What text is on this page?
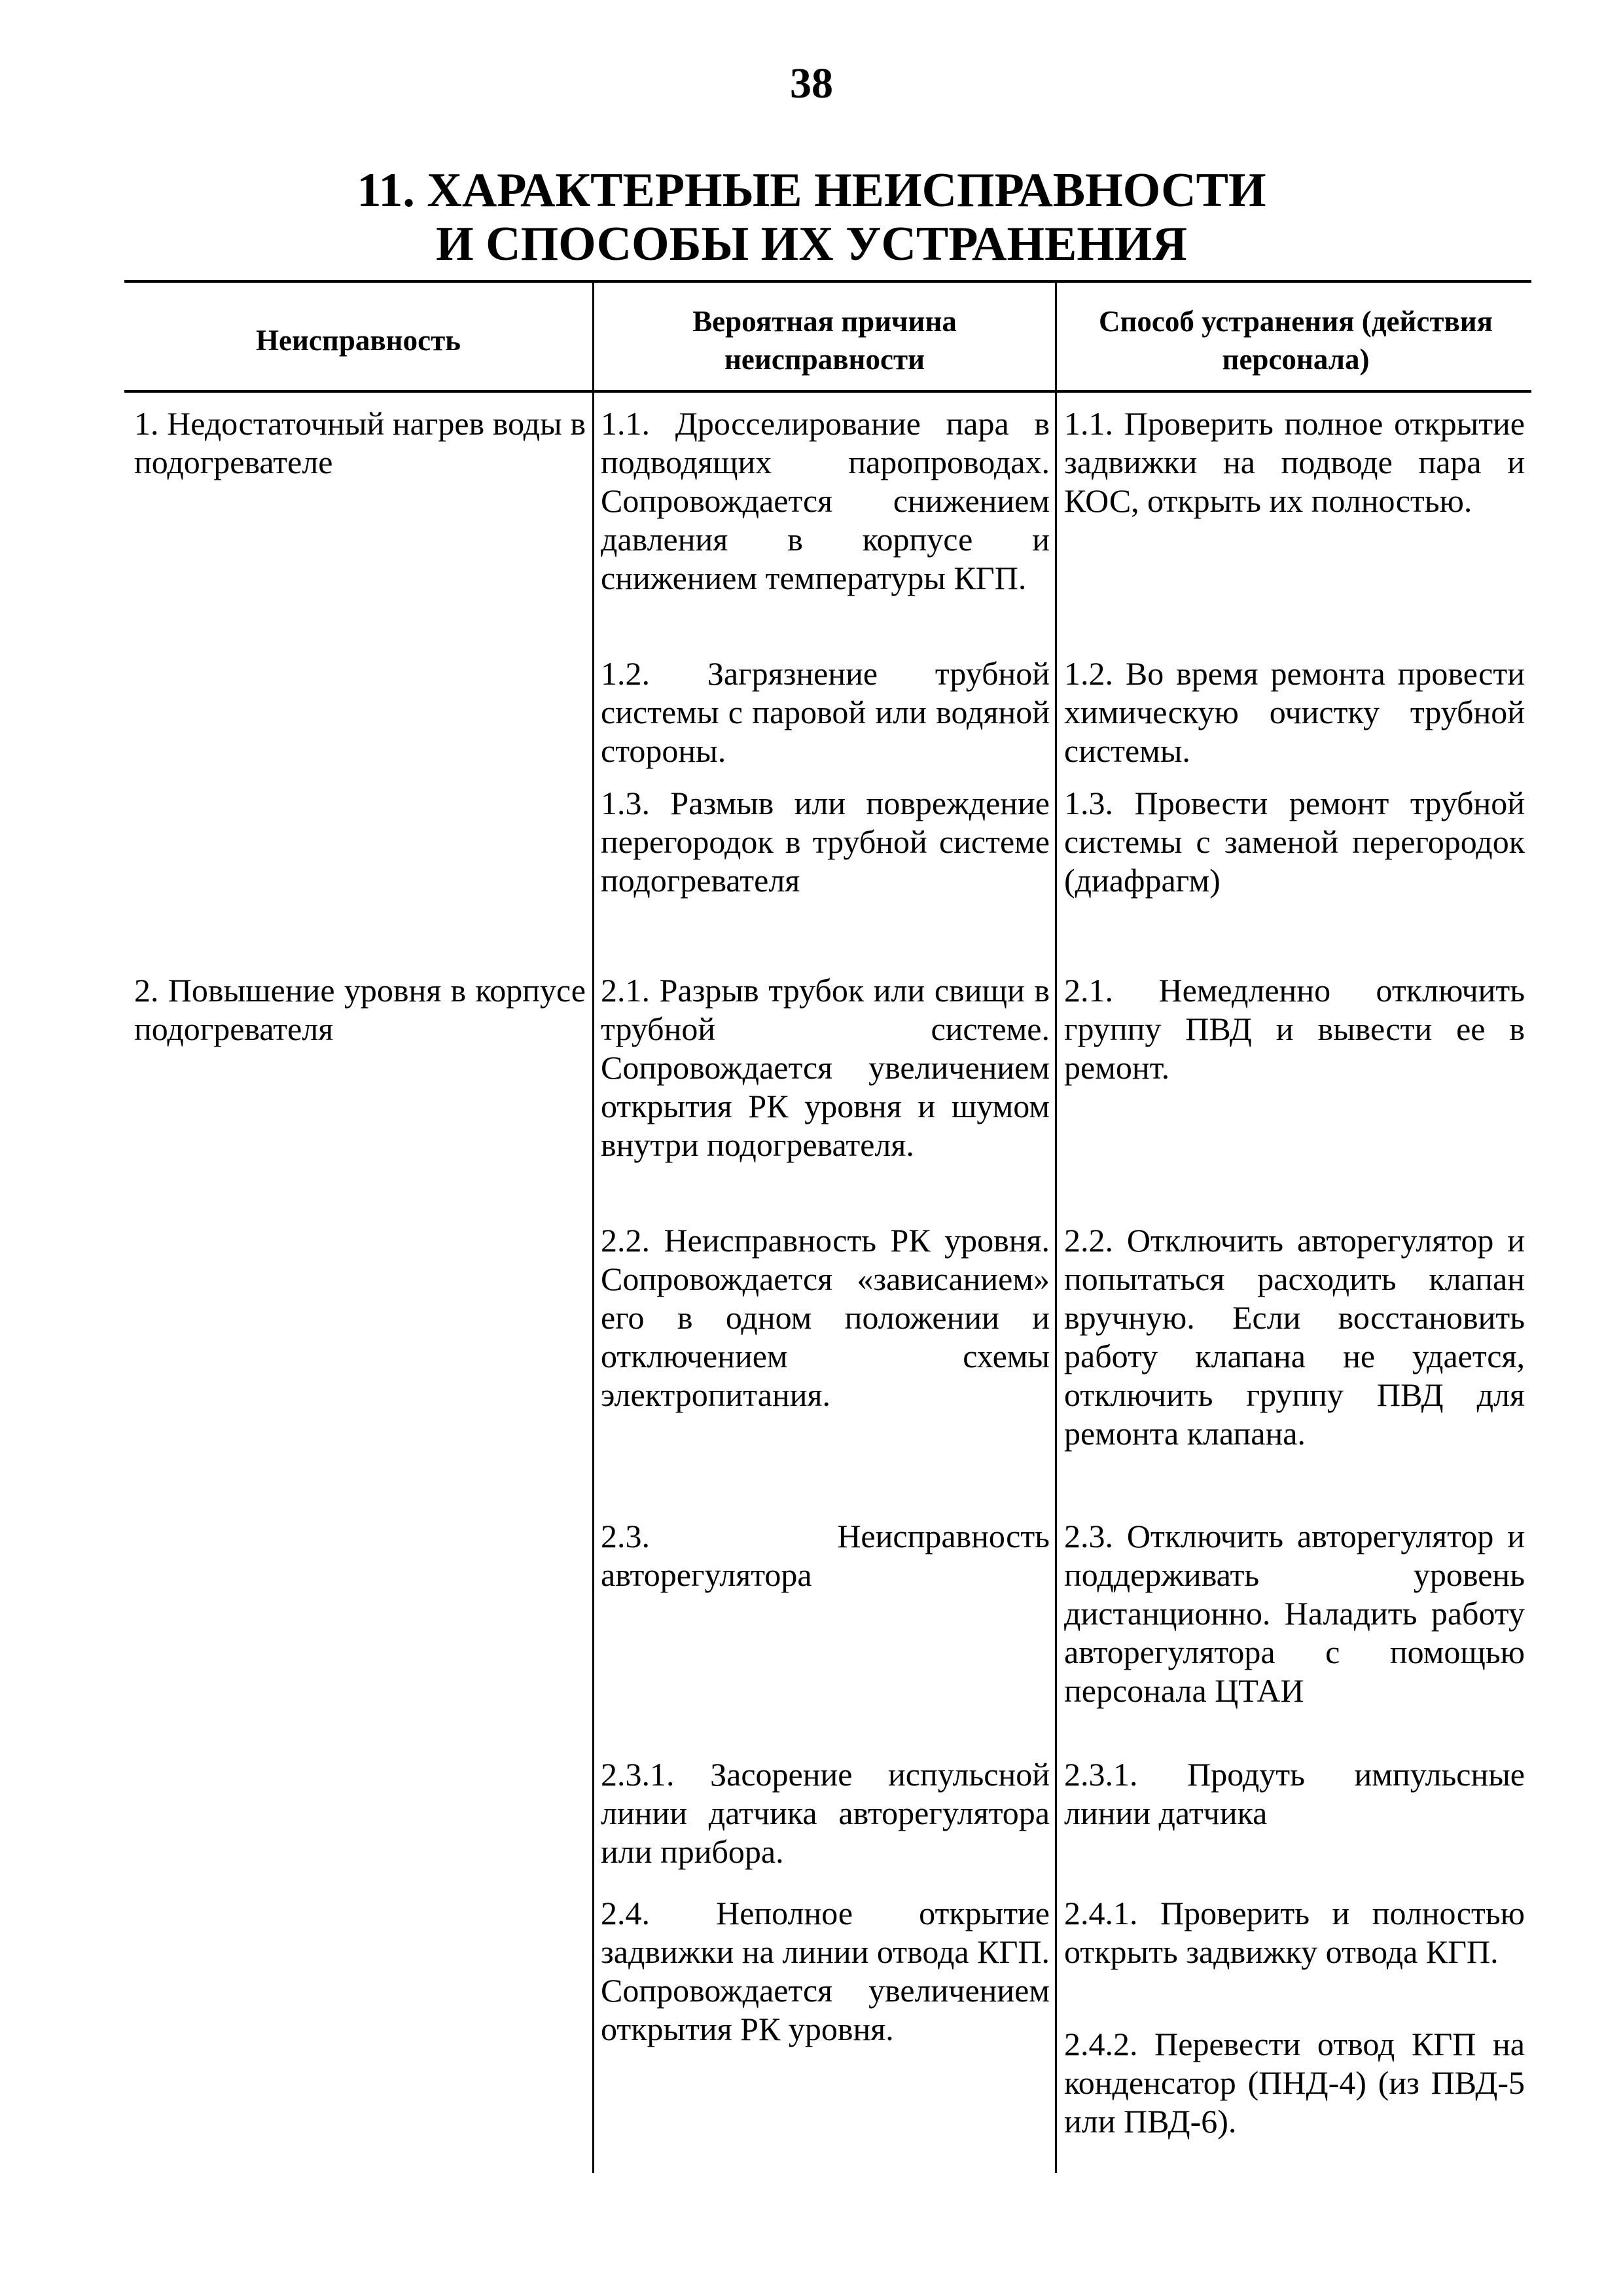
38
11. ХАРАКТЕРНЫЕ НЕИСПРАВНОСТИ
И СПОСОБЫ ИХ УСТРАНЕНИЯ
Неисправность
Вероятная причина неисправности
Способ устранения (действия персонала)
1. Недостаточный нагрев воды в подогревателе
2. Повышение уровня в корпусе подогревателя
1.1. Дросселирование пара в подводящих паропроводах. Сопровождается снижением давления в корпусе и снижением температуры КГП.
1.2. Загрязнение трубной системы с паровой или водяной стороны.
1.3. Размыв или повреждение перегородок в трубной системе подогревателя
2.1. Разрыв трубок или свищи в трубной системе. Сопровождается увеличением открытия РК уровня и шумом внутри подогревателя.
2.2. Неисправность РК уровня. Сопровождается «зависанием» его в одном положении и отключением схемы электропитания.
2.3. Неисправность авторегулятора
2.3.1. Засорение испульсной линии датчика авторегулятора или прибора.
2.4. Неполное открытие задвижки на линии отвода КГП. Сопровождается увеличением открытия РК уровня.
1.1. Проверить полное открытие задвижки на подводе пара и КОС, открыть их полностью.
1.2. Во время ремонта провести химическую очистку трубной системы.
1.3. Провести ремонт трубной системы с заменой перегородок (диафрагм)
2.1. Немедленно отключить группу ПВД и вывести ее в ремонт.
2.2. Отключить авторегулятор и попытаться расходить клапан вручную. Если восстановить работу клапана не удается, отключить группу ПВД для ремонта клапана.
2.3. Отключить авторегулятор и поддерживать уровень дистанционно. Наладить работу авторегулятора с помощью персонала ЦТАИ
2.3.1. Продуть импульсные линии датчика
2.4.1. Проверить и полностью открыть задвижку отвода КГП.
2.4.2. Перевести отвод КГП на конденсатор (ПНД-4) (из ПВД-5 или ПВД-6).
